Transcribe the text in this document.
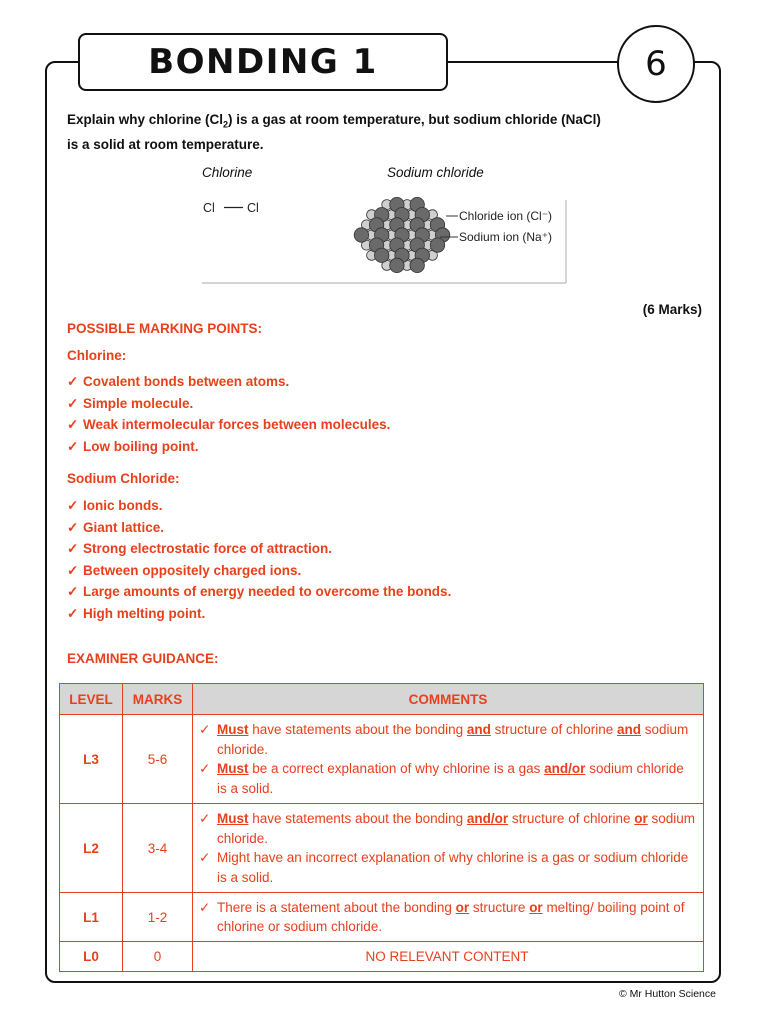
BONDING 1	6
Explain why chlorine $(Cl_2)$ is a gas at room temperature, but sodium chloride (NaCl)
is a solid at room temperature.
Chlorine	Sodium chloride
Cl	Cl
Chloride ion (Cl⁻)
Sodium ion (Na⁺)
(6 Marks)
POSSIBLE MARKING POINTS:
Chlorine:
✓ Covalent bonds between atoms.
✓ Simple molecule.
✓ Weak intermolecular forces between molecules.
✓ Low boiling point.
Sodium Chloride:
✓ Ionic bonds.
✓ Giant lattice.
✓ Strong electrostatic force of attraction.
✓ Between oppositely charged ions.
✓ Large amounts of energy needed to overcome the bonds.
✓ High melting point.
EXAMINER GUIDANCE:
LEVEL	MARKS	COMMENTS
L3	5-6	✓ Must have statements about the bonding and structure of chlorine and sodium chloride.
✓ Must be a correct explanation of why chlorine is a gas and/or sodium chloride is a solid.

L2	3-4	✓ Must have statements about the bonding and/or structure of chlorine or sodium chloride.
✓ Might have an incorrect explanation of why chlorine is a gas or sodium chloride is a solid.

L1	1-2	✓ There is a statement about the bonding or structure or melting/ boiling point of chlorine or sodium chloride.

L0	0	NO RELEVANT CONTENT
© Mr Hutton Science
